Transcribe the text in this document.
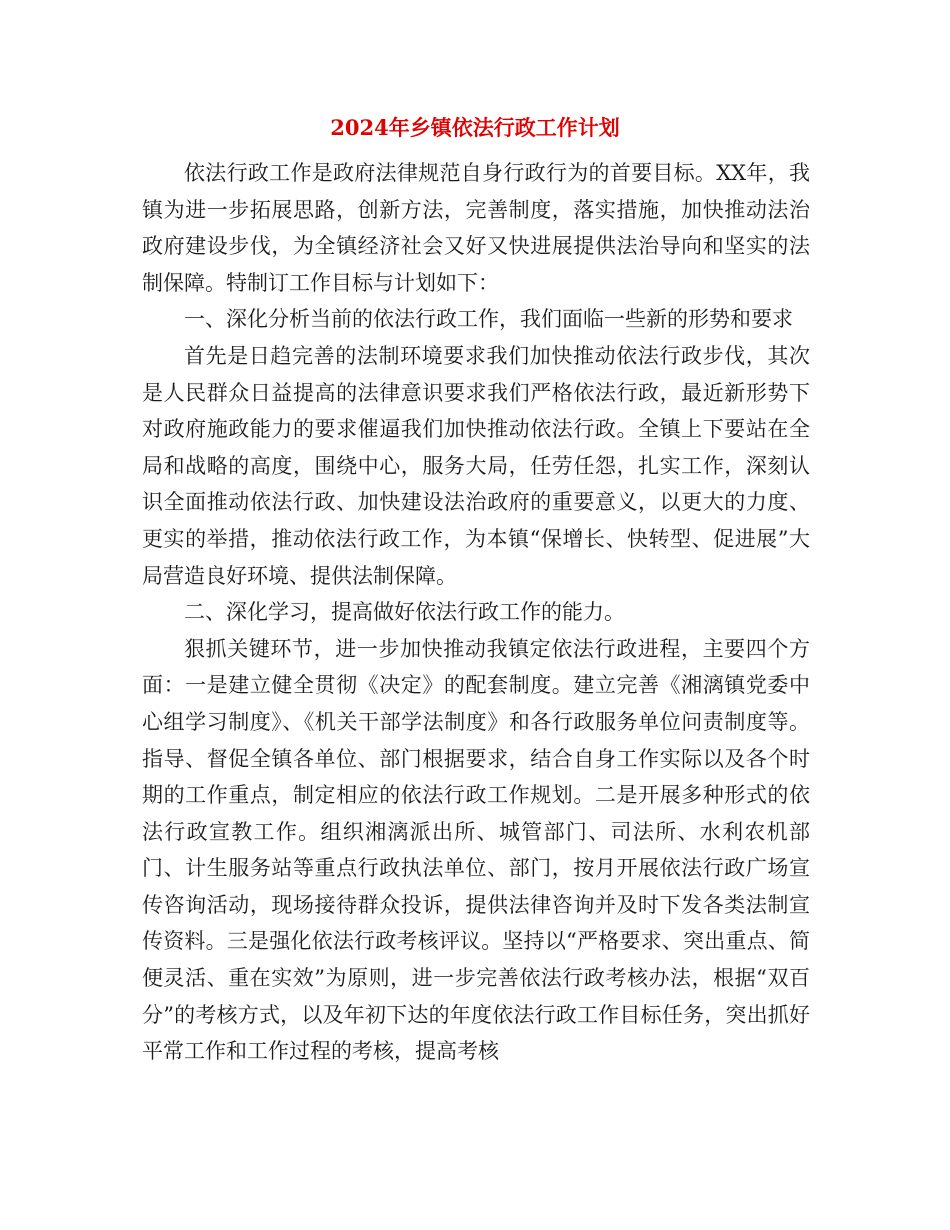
2024年乡镇依法行政工作计划

依法行政工作是政府法律规范自身行政行为的首要目标。XX年，我镇为进一步拓展思路，创新方法，完善制度，落实措施，加快推动法治政府建设步伐，为全镇经济社会又好又快进展提供法治导向和坚实的法制保障。特制订工作目标与计划如下：

一、深化分析当前的依法行政工作，我们面临一些新的形势和要求

首先是日趋完善的法制环境要求我们加快推动依法行政步伐，其次是人民群众日益提高的法律意识要求我们严格依法行政，最近新形势下对政府施政能力的要求催逼我们加快推动依法行政。全镇上下要站在全局和战略的高度，围绕中心，服务大局，任劳任怨，扎实工作，深刻认识全面推动依法行政、加快建设法治政府的重要意义，以更大的力度、更实的举措，推动依法行政工作，为本镇“保增长、快转型、促进展”大局营造良好环境、提供法制保障。

二、深化学习，提高做好依法行政工作的能力。

狠抓关键环节，进一步加快推动我镇定依法行政进程，主要四个方面：一是建立健全贯彻《决定》的配套制度。建立完善《湘漓镇党委中心组学习制度》、《机关干部学法制度》和各行政服务单位问责制度等。指导、督促全镇各单位、部门根据要求，结合自身工作实际以及各个时期的工作重点，制定相应的依法行政工作规划。二是开展多种形式的依法行政宣教工作。组织湘漓派出所、城管部门、司法所、水利农机部门、计生服务站等重点行政执法单位、部门，按月开展依法行政广场宣传咨询活动，现场接待群众投诉，提供法律咨询并及时下发各类法制宣传资料。三是强化依法行政考核评议。坚持以“严格要求、突出重点、简便灵活、重在实效”为原则，进一步完善依法行政考核办法，根据“双百分”的考核方式，以及年初下达的年度依法行政工作目标任务，突出抓好平常工作和工作过程的考核，提高考核
